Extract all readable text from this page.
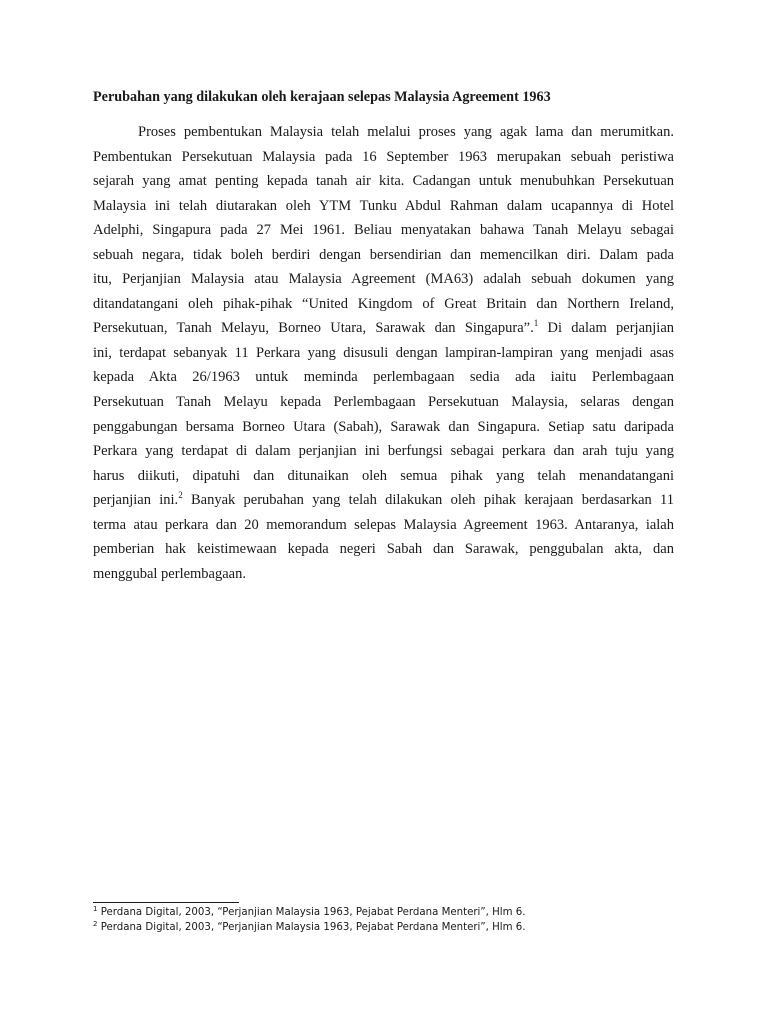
Perubahan yang dilakukan oleh kerajaan selepas Malaysia Agreement 1963
Proses pembentukan Malaysia telah melalui proses yang agak lama dan merumitkan.
Pembentukan Persekutuan Malaysia pada 16 September 1963 merupakan sebuah peristiwa
sejarah yang amat penting kepada tanah air kita. Cadangan untuk menubuhkan Persekutuan
Malaysia ini telah diutarakan oleh YTM Tunku Abdul Rahman dalam ucapannya di Hotel
Adelphi, Singapura pada 27 Mei 1961. Beliau menyatakan bahawa Tanah Melayu sebagai
sebuah negara, tidak boleh berdiri dengan bersendirian dan memencilkan diri. Dalam pada
itu, Perjanjian Malaysia atau Malaysia Agreement (MA63) adalah sebuah dokumen yang
ditandatangani oleh pihak-pihak “United Kingdom of Great Britain dan Northern Ireland,
Persekutuan, Tanah Melayu, Borneo Utara, Sarawak dan Singapura”.$^1$ Di dalam perjanjian
ini, terdapat sebanyak 11 Perkara yang disusuli dengan lampiran-lampiran yang menjadi asas
kepada Akta 26/1963 untuk meminda perlembagaan sedia ada iaitu Perlembagaan
Persekutuan Tanah Melayu kepada Perlembagaan Persekutuan Malaysia, selaras dengan
penggabungan bersama Borneo Utara (Sabah), Sarawak dan Singapura. Setiap satu daripada
Perkara yang terdapat di dalam perjanjian ini berfungsi sebagai perkara dan arah tuju yang
harus diikuti, dipatuhi dan ditunaikan oleh semua pihak yang telah menandatangani
perjanjian ini.$^2$ Banyak perubahan yang telah dilakukan oleh pihak kerajaan berdasarkan 11
terma atau perkara dan 20 memorandum selepas Malaysia Agreement 1963. Antaranya, ialah
pemberian hak keistimewaan kepada negeri Sabah dan Sarawak, penggubalan akta, dan
menggubal perlembagaan.
$^1$ Perdana Digital, 2003, “Perjanjian Malaysia 1963, Pejabat Perdana Menteri”, Hlm 6.
$^2$ Perdana Digital, 2003, “Perjanjian Malaysia 1963, Pejabat Perdana Menteri”, Hlm 6.
